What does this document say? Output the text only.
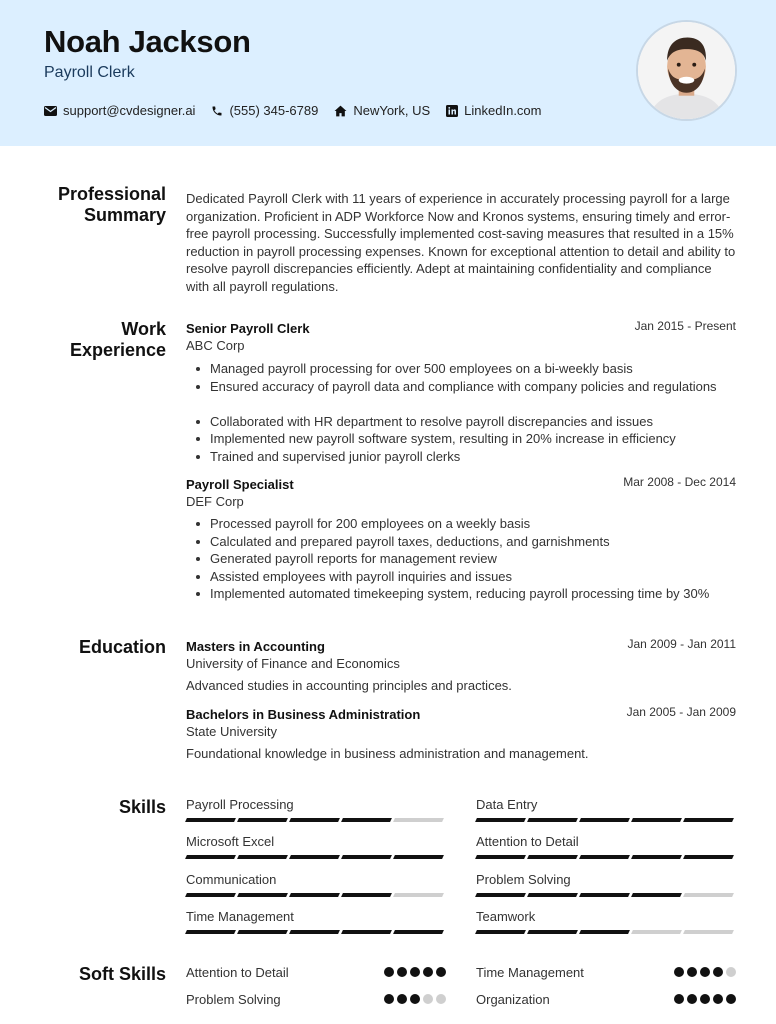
Noah Jackson
Payroll Clerk
support@cvdesigner.ai	(555) 345-6789	NewYork, US	LinkedIn.com
Professional
Summary
Dedicated Payroll Clerk with 11 years of experience in accurately processing payroll for a large organization. Proficient in ADP Workforce Now and Kronos systems, ensuring timely and error-free payroll processing. Successfully implemented cost-saving measures that resulted in a 15% reduction in payroll processing expenses. Known for exceptional attention to detail and ability to resolve payroll discrepancies efficiently. Adept at maintaining confidentiality and compliance with all payroll regulations.
Work
Experience
Senior Payroll Clerk	Jan 2015 - Present
ABC Corp
Managed payroll processing for over 500 employees on a bi-weekly basis
Ensured accuracy of payroll data and compliance with company policies and regulations
Collaborated with HR department to resolve payroll discrepancies and issues
Implemented new payroll software system, resulting in 20% increase in efficiency
Trained and supervised junior payroll clerks
Payroll Specialist	Mar 2008 - Dec 2014
DEF Corp
Processed payroll for 200 employees on a weekly basis
Calculated and prepared payroll taxes, deductions, and garnishments
Generated payroll reports for management review
Assisted employees with payroll inquiries and issues
Implemented automated timekeeping system, reducing payroll processing time by 30%
Education Masters in Accounting	Jan 2009 - Jan 2011
University of Finance and Economics
Advanced studies in accounting principles and practices.
Bachelors in Business Administration	Jan 2005 - Jan 2009
State University
Foundational knowledge in business administration and management.
Skills Payroll Processing	Data Entry
Microsoft Excel	Attention to Detail
Communication	Problem Solving
Time Management	Teamwork
Soft Skills Attention to Detail	Time Management
Problem Solving	Organization
